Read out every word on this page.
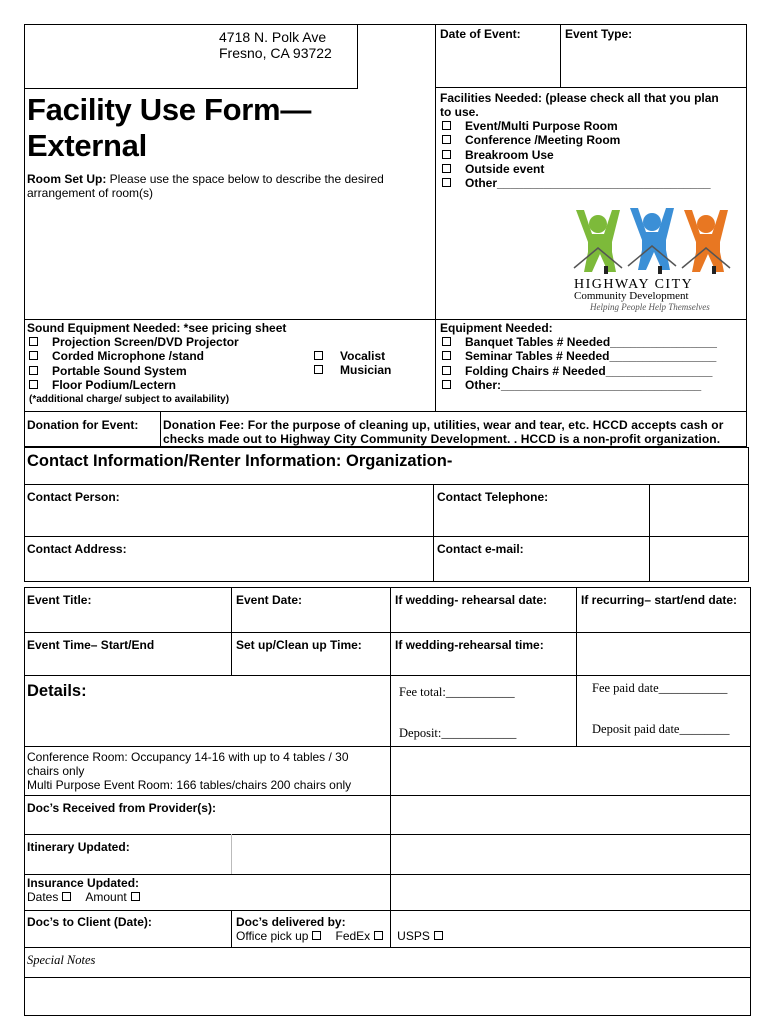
4718 N. Polk Ave
Fresno, CA 93722
Date of Event:	Event Type:
Facility Use Form—
External
Room Set Up: Please use the space below to describe the desired
arrangement of room(s)
Facilities Needed: (please check all that you plan
to use.
Event/Multi Purpose Room
Conference /Meeting Room
Breakroom Use
Outside event
Other________________________________
HIGHWAY CITY
Community Development
Helping People Help Themselves
Sound Equipment Needed: *see pricing sheet
Projection Screen/DVD Projector
Corded Microphone /stand
Portable Sound System
Floor Podium/Lectern
Vocalist
Musician
(*additional charge/ subject to availability)
Equipment Needed:
Banquet Tables # Needed________________
Seminar Tables # Needed________________
Folding Chairs # Needed________________
Other:______________________________
Donation for Event: Donation Fee: For the purpose of cleaning up, utilities, wear and tear, etc. HCCD accepts cash or
checks made out to Highway City Community Development. . HCCD is a non-profit organization.
Contact Information/Renter Information: Organization-
Contact Person:	Contact Telephone:
Contact Address:	Contact e-mail:
Event Title:	Event Date:	If wedding- rehearsal date:	If recurring– start/end date:
Event Time– Start/End	Set up/Clean up Time:	If wedding-rehearsal time:
Details:	Fee total:___________	Fee paid date___________
Deposit:____________	Deposit paid date________
Conference Room: Occupancy 14-16 with up to 4 tables / 30
chairs only
Multi Purpose Event Room: 166 tables/chairs 200 chairs only
Doc’s Received from Provider(s):
Itinerary Updated:
Insurance Updated:
Dates Amount
Doc’s to Client (Date):	Doc’s delivered by:
Office pick up FedEx USPS
Special Notes
